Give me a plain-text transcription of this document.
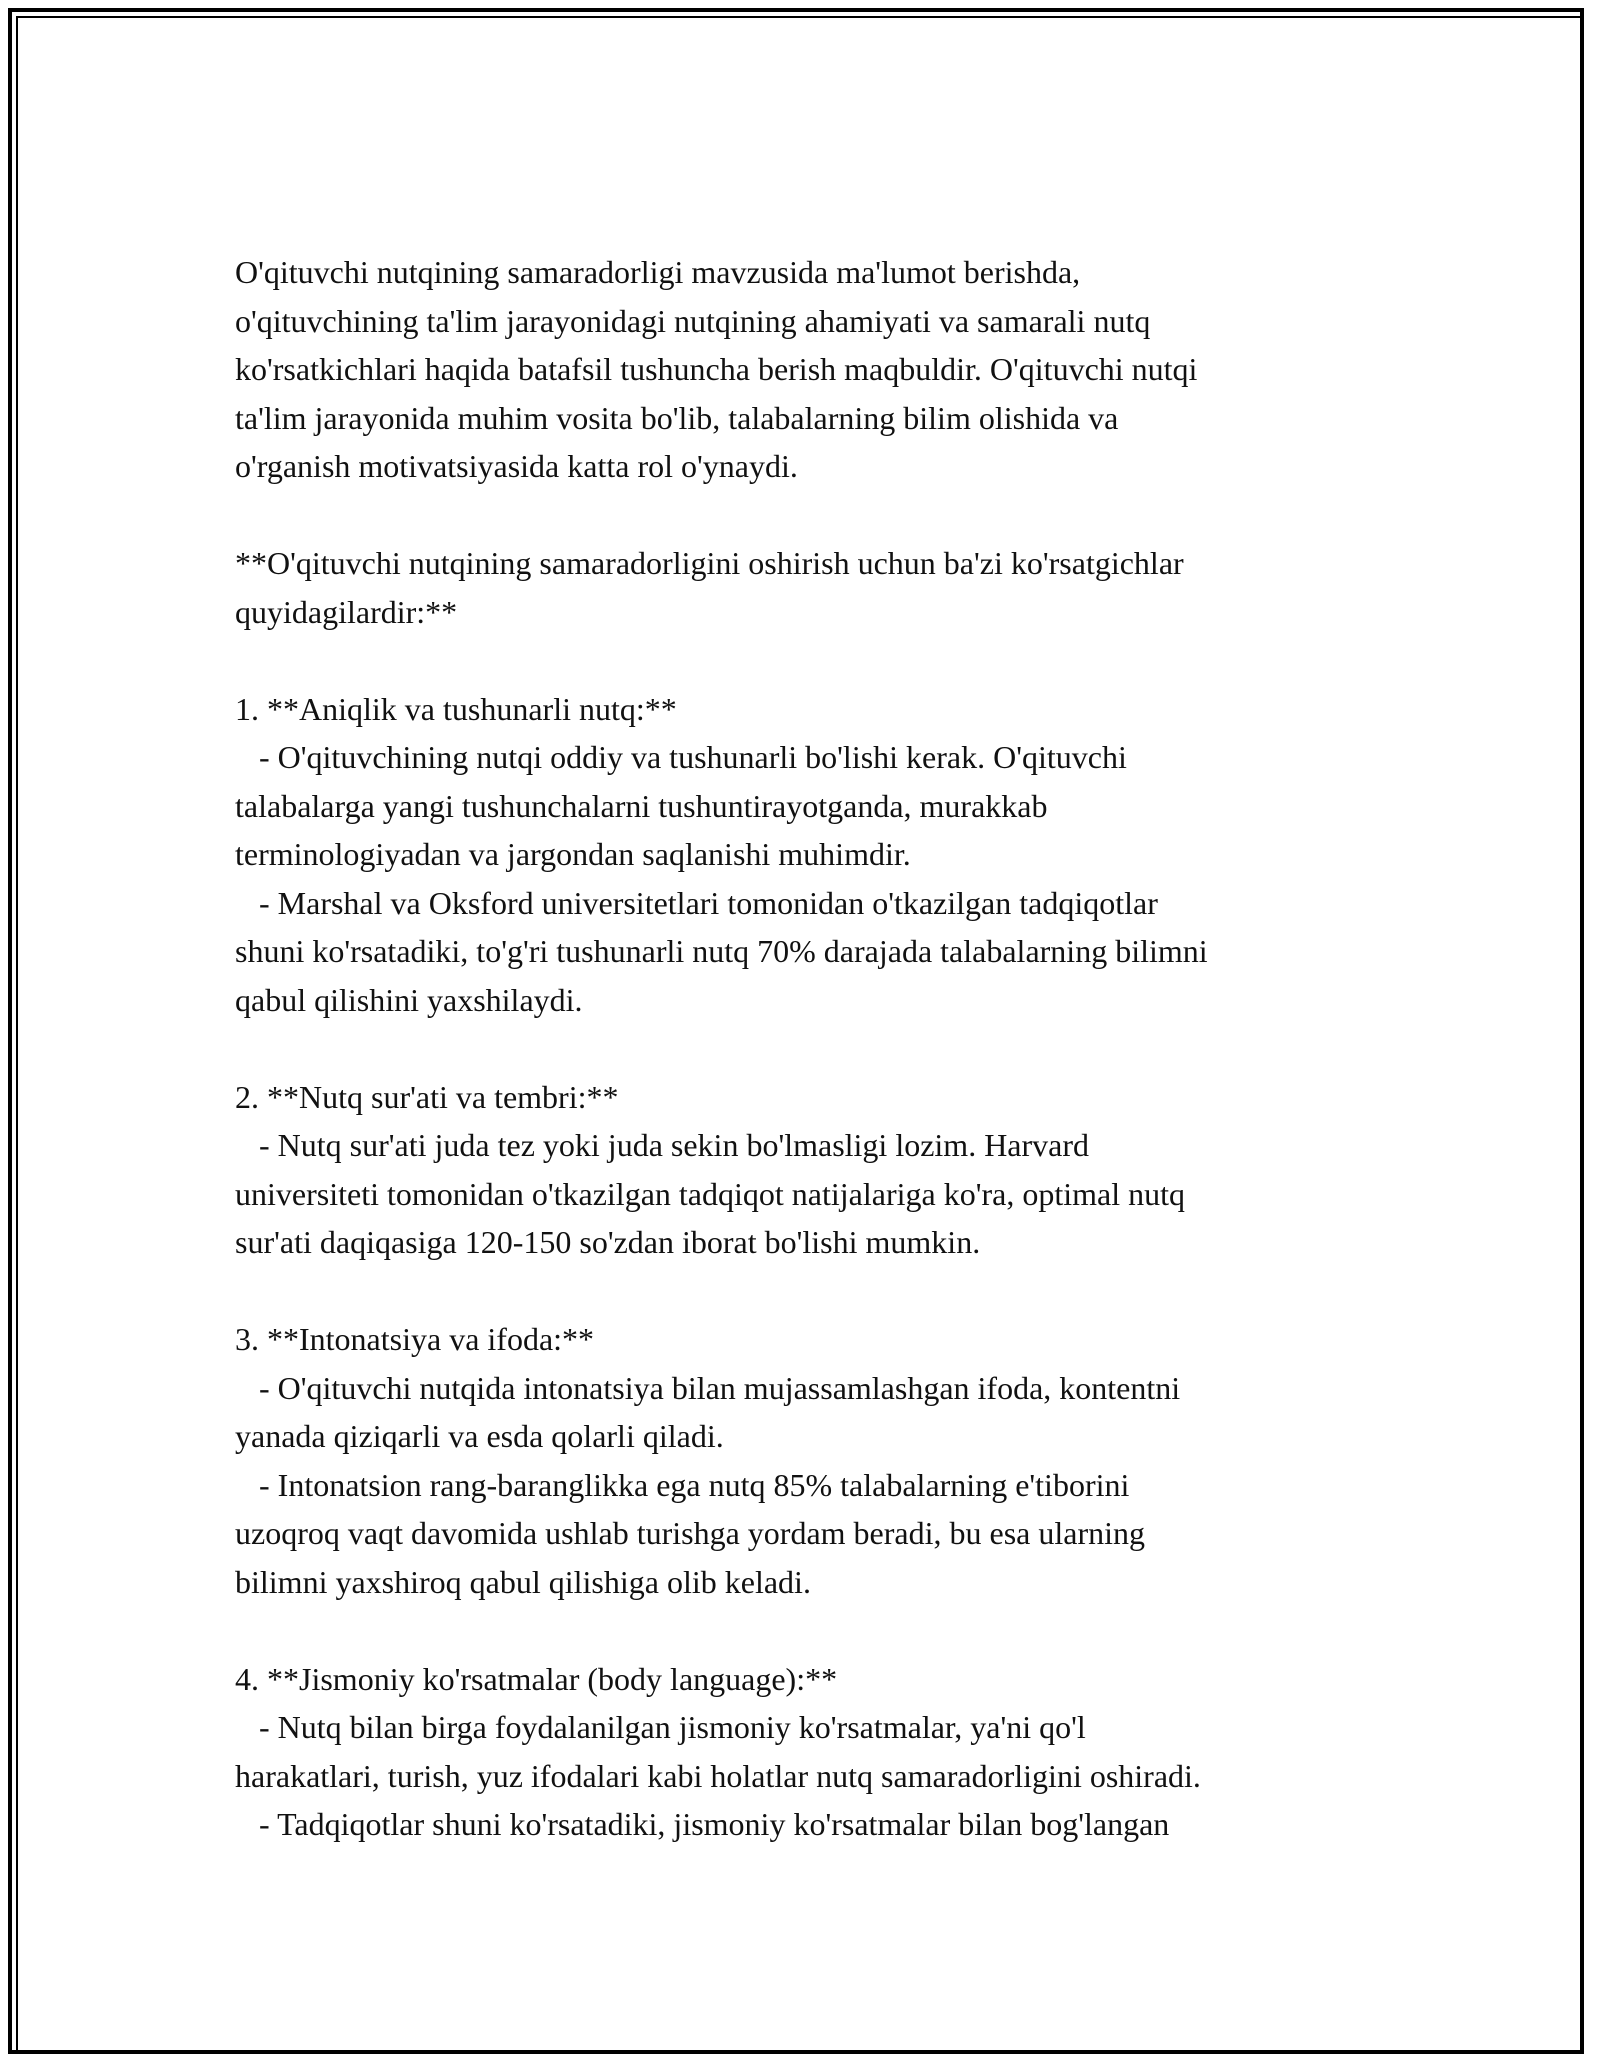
O'qituvchi nutqining samaradorligi mavzusida ma'lumot berishda,

o'qituvchining ta'lim jarayonidagi nutqining ahamiyati va samarali nutq

ko'rsatkichlari haqida batafsil tushuncha berish maqbuldir. O'qituvchi nutqi

ta'lim jarayonida muhim vosita bo'lib, talabalarning bilim olishida va

o'rganish motivatsiyasida katta rol o'ynaydi.

**O'qituvchi nutqining samaradorligini oshirish uchun ba'zi ko'rsatgichlar

quyidagilardir:**

1. **Aniqlik va tushunarli nutq:**

- O'qituvchining nutqi oddiy va tushunarli bo'lishi kerak. O'qituvchi

talabalarga yangi tushunchalarni tushuntirayotganda, murakkab

terminologiyadan va jargondan saqlanishi muhimdir.

- Marshal va Oksford universitetlari tomonidan o'tkazilgan tadqiqotlar

shuni ko'rsatadiki, to'g'ri tushunarli nutq 70% darajada talabalarning bilimni

qabul qilishini yaxshilaydi.

2. **Nutq sur'ati va tembri:**

- Nutq sur'ati juda tez yoki juda sekin bo'lmasligi lozim. Harvard

universiteti tomonidan o'tkazilgan tadqiqot natijalariga ko'ra, optimal nutq

sur'ati daqiqasiga 120-150 so'zdan iborat bo'lishi mumkin.

3. **Intonatsiya va ifoda:**

- O'qituvchi nutqida intonatsiya bilan mujassamlashgan ifoda, kontentni

yanada qiziqarli va esda qolarli qiladi.

- Intonatsion rang-baranglikka ega nutq 85% talabalarning e'tiborini

uzoqroq vaqt davomida ushlab turishga yordam beradi, bu esa ularning

bilimni yaxshiroq qabul qilishiga olib keladi.

4. **Jismoniy ko'rsatmalar (body language):**

- Nutq bilan birga foydalanilgan jismoniy ko'rsatmalar, ya'ni qo'l

harakatlari, turish, yuz ifodalari kabi holatlar nutq samaradorligini oshiradi.

- Tadqiqotlar shuni ko'rsatadiki, jismoniy ko'rsatmalar bilan bog'langan
